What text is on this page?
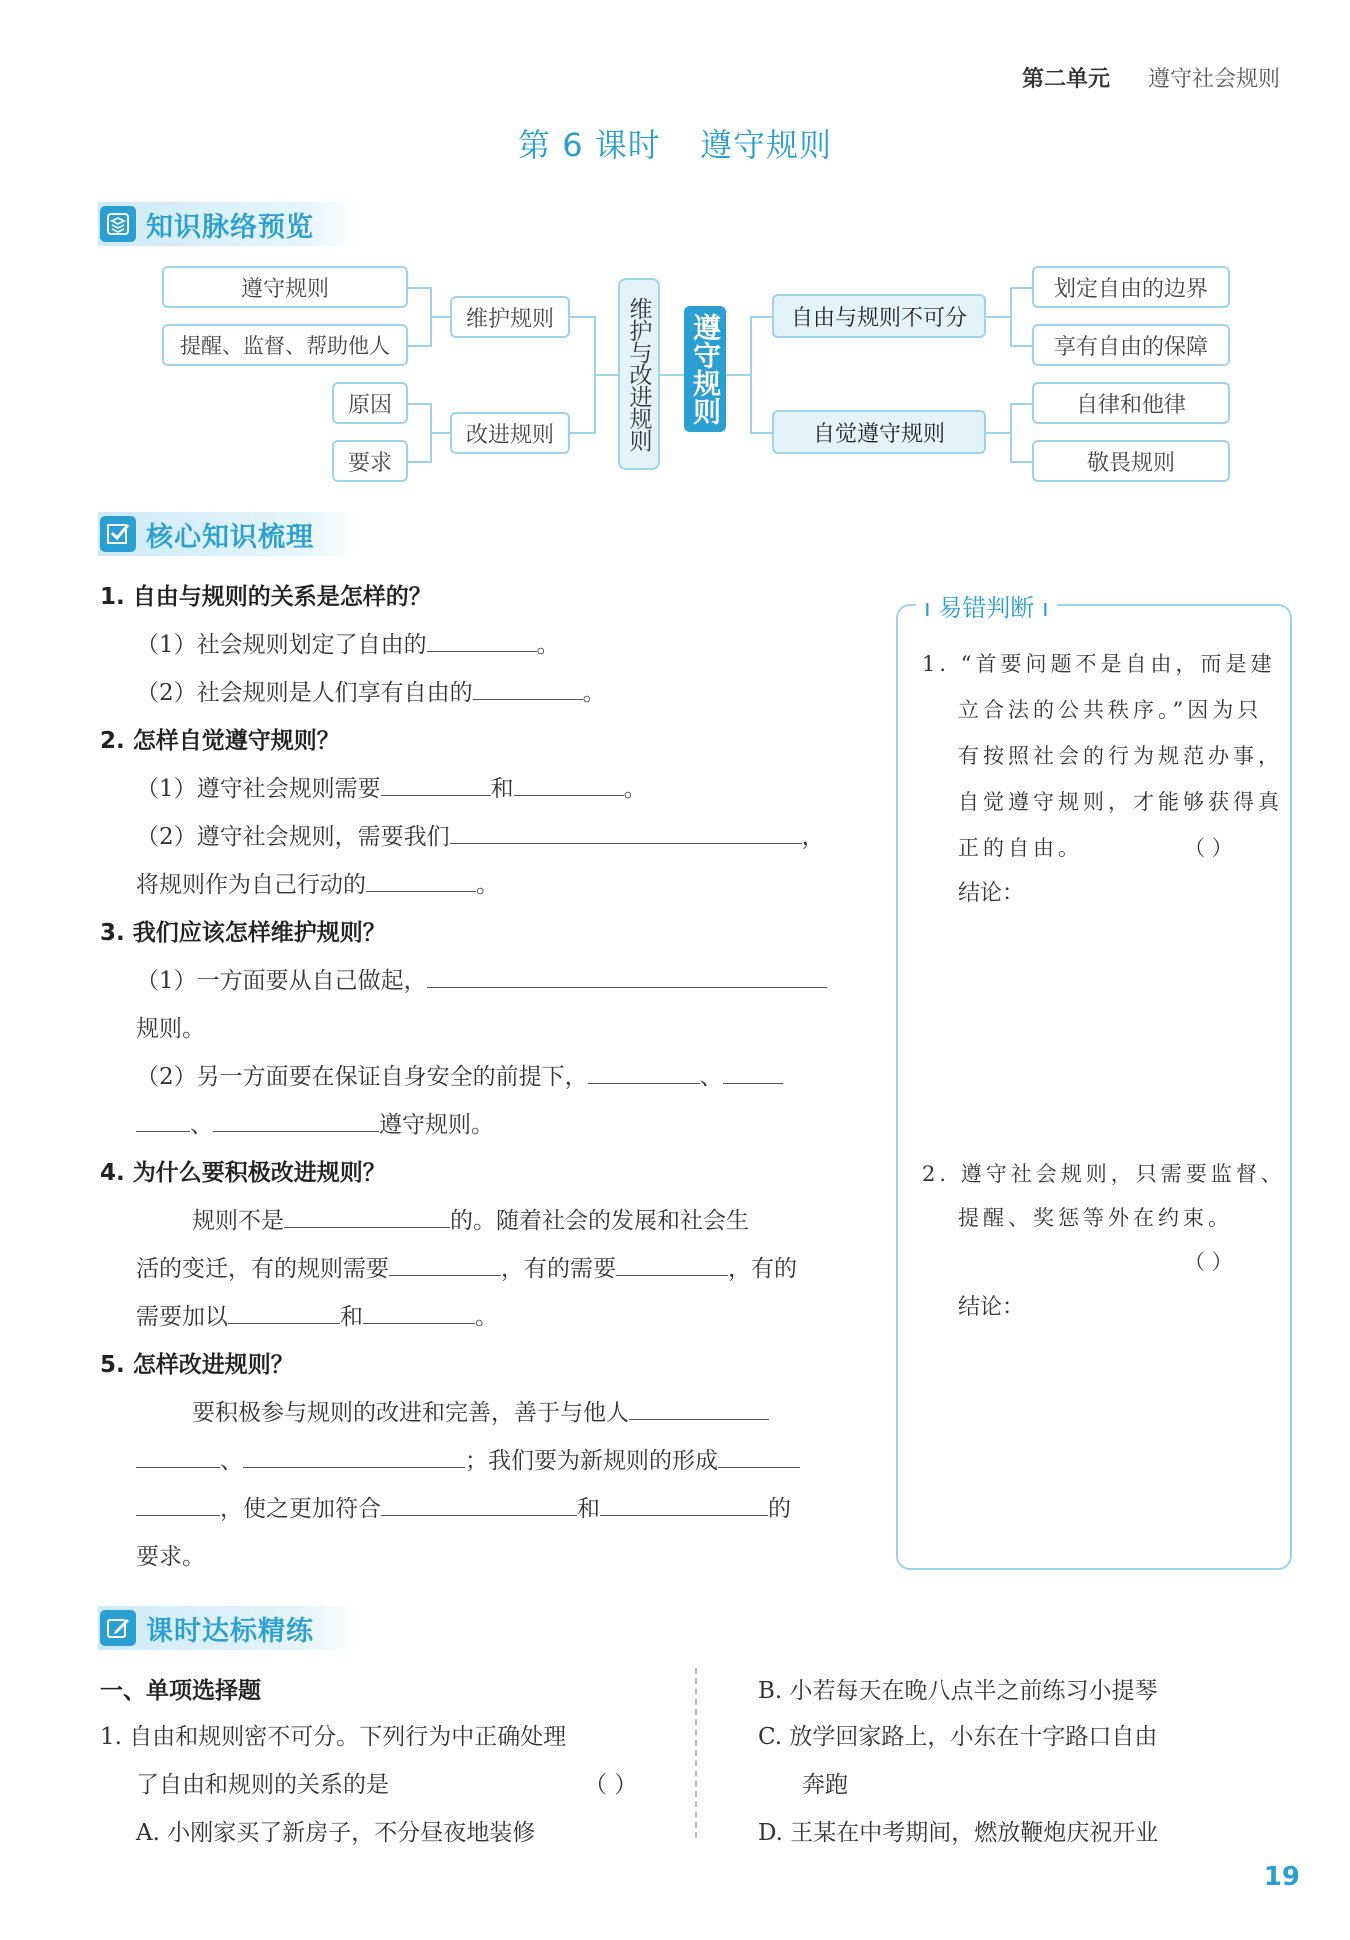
第二单元 遵守社会规则
第 6 课时 遵守规则
知识脉络预览
遵守规则
提醒、监督、帮助他人
原因
要求
维护规则
改进规则	维护与改进规则	遵守规则	自由与规则不可分
自觉遵守规则
划定自由的边界
享有自由的保障
自律和他律
敬畏规则
核心知识梳理
1. 自由与规则的关系是怎样的？
（1）社会规则划定了自由的	。
（2）社会规则是人们享有自由的	。
2. 怎样自觉遵守规则？
（1）遵守社会规则需要	和	。
（2）遵守社会规则，需要我们	，
将规则作为自己行动的	。
3. 我们应该怎样维护规则？
（1）一方面要从自己做起，
规则。
（2）另一方面要在保证自身安全的前提下，	、
、	遵守规则。
4. 为什么要积极改进规则？
规则不是	的。随着社会的发展和社会生
活的变迁，有的规则需要	，有的需要	，有的
需要加以	和	。
5. 怎样改进规则？
要积极参与规则的改进和完善，善于与他人
、	；我们要为新规则的形成
，使之更加符合	和	的
要求。
ı 易错判断 ı
1. “首要问题不是自由，而是建
立合法的公共秩序。”因为只
有按照社会的行为规范办事，
自觉遵守规则，才能够获得真
正的自由。	（ ）
结论：
2. 遵守社会规则，只需要监督、
提醒、奖惩等外在约束。
（ ）
结论：
课时达标精练
一、单项选择题
1. 自由和规则密不可分。下列行为中正确处理
了自由和规则的关系的是	（ ）
A. 小刚家买了新房子，不分昼夜地装修
B. 小若每天在晚八点半之前练习小提琴
C. 放学回家路上，小东在十字路口自由
奔跑
D. 王某在中考期间，燃放鞭炮庆祝开业
19
